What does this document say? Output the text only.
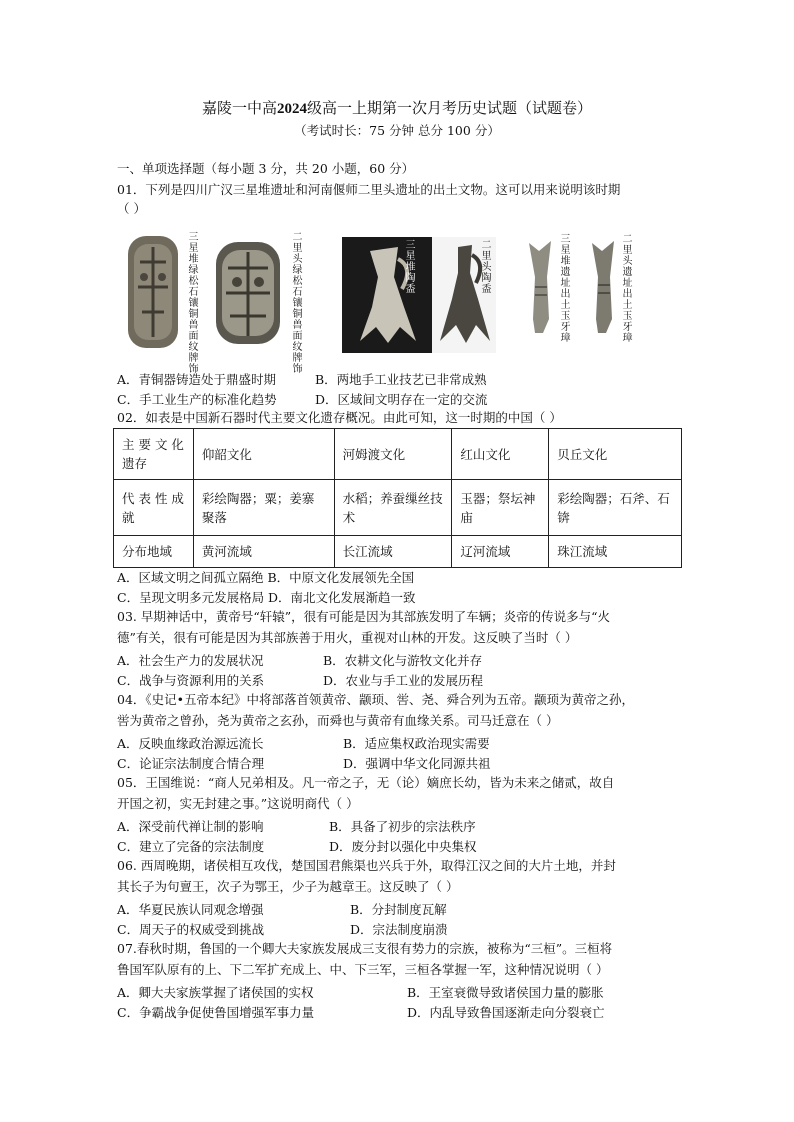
嘉陵一中高2024级高一上期第一次月考历史试题（试题卷）
（考试时长：75 分钟 总分 100 分）
一、单项选择题（每小题 3 分，共 20 小题，60 分）
01．下列是四川广汉三星堆遗址和河南偃师二里头遗址的出土文物。这可以用来说明该时期
（ ）
三星堆绿松石镶铜兽面纹牌饰
二里头绿松石镶铜兽面纹牌饰
三星堆 陶盉
二里头 陶盉
三星堆遗址出土玉牙璋
二里头遗址出土玉牙璋
A．青铜器铸造处于鼎盛时期	B．两地手工业技艺已非常成熟
C．手工业生产的标准化趋势	D．区域间文明存在一定的交流
02．如表是中国新石器时代主要文化遗存概况。由此可知，这一时期的中国（ ）
主 要 文 化 遗存	仰韶文化	河姆渡文化	红山文化	贝丘文化
代 表 性 成 就	彩绘陶器；粟；姜寨聚落	水稻；养蚕缫丝技术	玉器；祭坛神庙	彩绘陶器；石斧、石锛
分布地域	黄河流域	长江流域	辽河流域	珠江流域
A．区域文明之间孤立隔绝 B．中原文化发展领先全国
C．呈现文明多元发展格局 D．南北文化发展渐趋一致
03. 早期神话中，黄帝号“轩辕”，很有可能是因为其部族发明了车辆；炎帝的传说多与“火
德”有关，很有可能是因为其部族善于用火，重视对山林的开发。这反映了当时（ ）
A．社会生产力的发展状况	B．农耕文化与游牧文化并存
C．战争与资源利用的关系	D．农业与手工业的发展历程
04．《史记•五帝本纪》中将部落首领黄帝、颛顼、喾、尧、舜合列为五帝。颛顼为黄帝之孙，
喾为黄帝之曾孙，尧为黄帝之玄孙，而舜也与黄帝有血缘关系。司马迁意在（ ）
A．反映血缘政治源远流长	B．适应集权政治现实需要
C．论证宗法制度合情合理	D．强调中华文化同源共祖
05．王国维说：“商人兄弟相及。凡一帝之子，无（论）嫡庶长幼，皆为未来之储贰，故自
开国之初，实无封建之事。”这说明商代（ ）
A．深受前代禅让制的影响	B．具备了初步的宗法秩序
C．建立了完备的宗法制度	D．废分封以强化中央集权
06. 西周晚期，诸侯相互攻伐，楚国国君熊渠也兴兵于外，取得江汉之间的大片土地，并封
其长子为句亶王，次子为鄂王，少子为越章王。这反映了（ ）
A．华夏民族认同观念增强	B．分封制度瓦解
C．周天子的权威受到挑战	D．宗法制度崩溃
07.春秋时期，鲁国的一个卿大夫家族发展成三支很有势力的宗族，被称为“三桓”。三桓将
鲁国军队原有的上、下二军扩充成上、中、下三军，三桓各掌握一军，这种情况说明（ ）
A．卿大夫家族掌握了诸侯国的实权	B．王室衰微导致诸侯国力量的膨胀
C．争霸战争促使鲁国增强军事力量	D．内乱导致鲁国逐渐走向分裂衰亡
